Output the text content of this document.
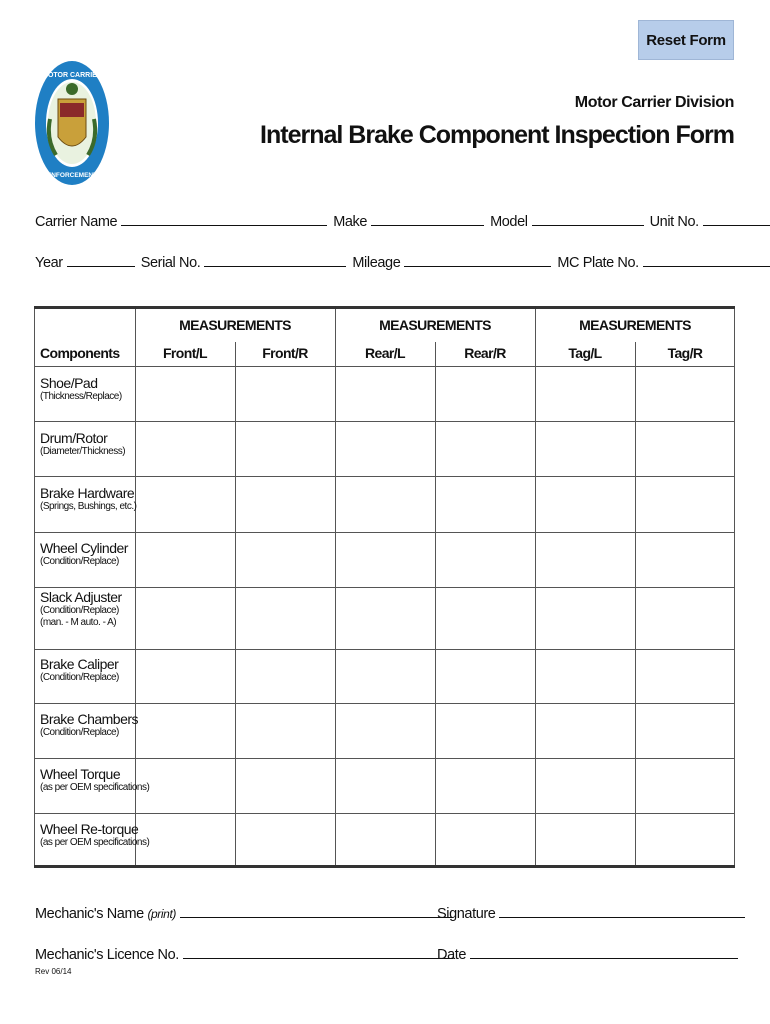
Reset Form
MOTOR CARRIER
ENFORCEMENT
Motor Carrier Division
Internal Brake Component Inspection Form
Carrier Name	Make	Model	Unit No.
Year	Serial No.	Mileage	MC Plate No.
MEASUREMENTS	MEASUREMENTS	MEASUREMENTS
Components	Front/L	Front/R	Rear/L	Rear/R	Tag/L	Tag/R
Shoe/Pad
(Thickness/Replace)
Drum/Rotor
(Diameter/Thickness)
Brake Hardware
(Springs, Bushings, etc.)
Wheel Cylinder
(Condition/Replace)
Slack Adjuster
(Condition/Replace)
(man. - M auto. - A)
Brake Caliper
(Condition/Replace)
Brake Chambers
(Condition/Replace)
Wheel Torque
(as per OEM specifications)
Wheel Re-torque
(as per OEM specifications)
Mechanic's Name (print)	Signature
Mechanic's Licence No.	Date
Rev 06/14
